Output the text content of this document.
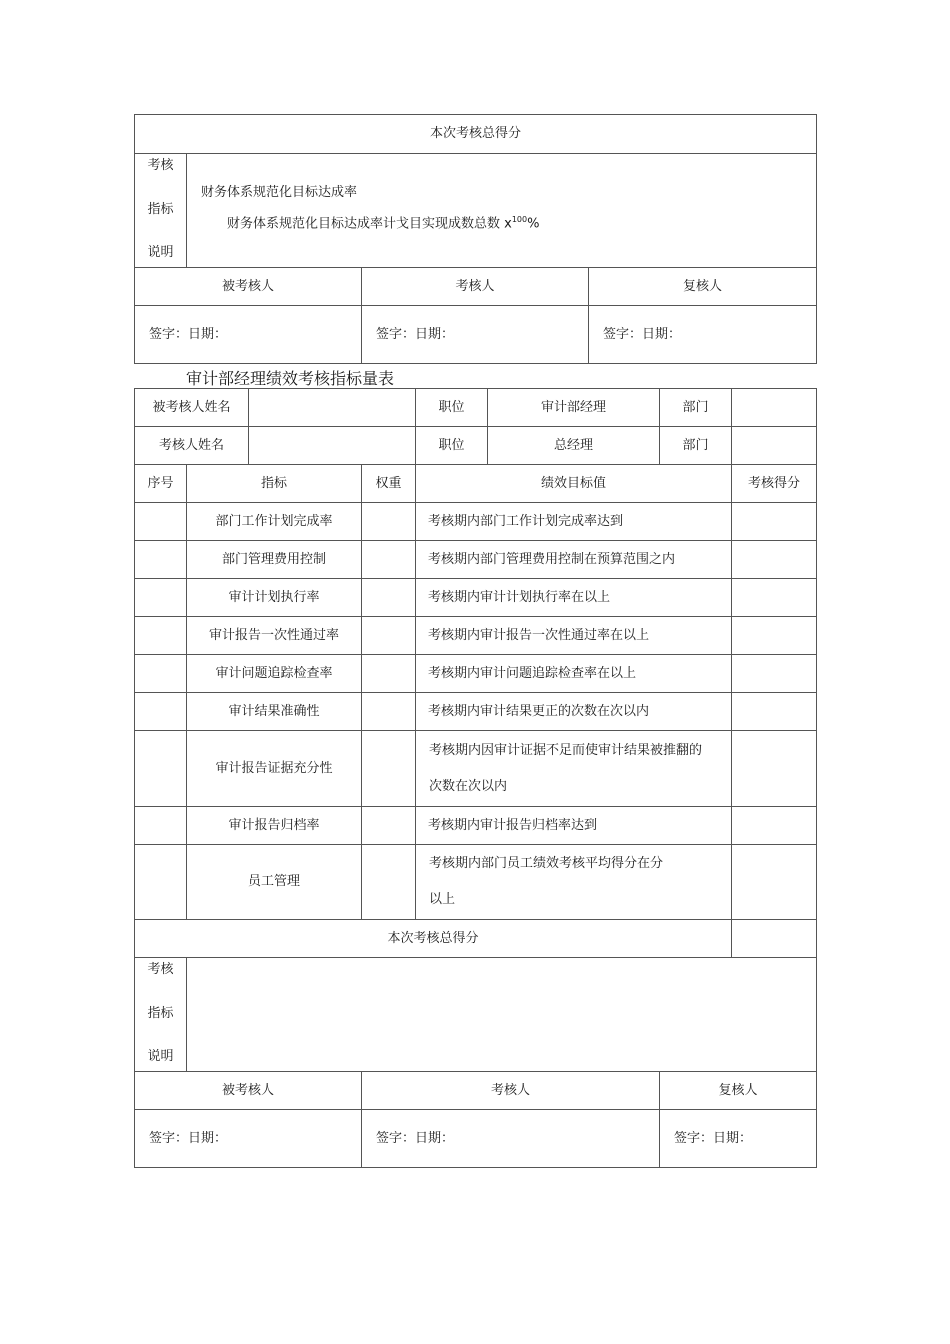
本次考核总得分			

考核
指标
说明	财务体系规范化目标达成率
财务体系规范化目标达成率计戈目实现成数总数 $x^{100}\%$		

被考核人		考核人	复核人
签字：日期：		签字：日期：	签字：日期：
审计部经理绩效考核指标量表
被考核人姓名				职位	审计部经理	部门	
考核人姓名				职位	总经理	部门	
序号	指标		权重	绩效目标值			考核得分
	部门工作计划完成率			考核期内部门工作计划完成率达到			
	部门管理费用控制			考核期内部门管理费用控制在预算范围之内			
	审计计划执行率			考核期内审计计划执行率在以上			
	审计报告一次性通过率			考核期内审计报告一次性通过率在以上			
	审计问题追踪检查率			考核期内审计问题追踪检查率在以上			
	审计结果准确性			考核期内审计结果更正的次数在次以内			
	审计报告证据充分性			考核期内因审计证据不足而使审计结果被推翻的
次数在次以内			

	审计报告归档率			考核期内审计报告归档率达到			
	员工管理			考核期内部门员工绩效考核平均得分在分
以上			

本次考核总得分							

考核
指标
说明							

被考核人			考核人			复核人	
签字：日期：			签字：日期：			签字：日期：	
